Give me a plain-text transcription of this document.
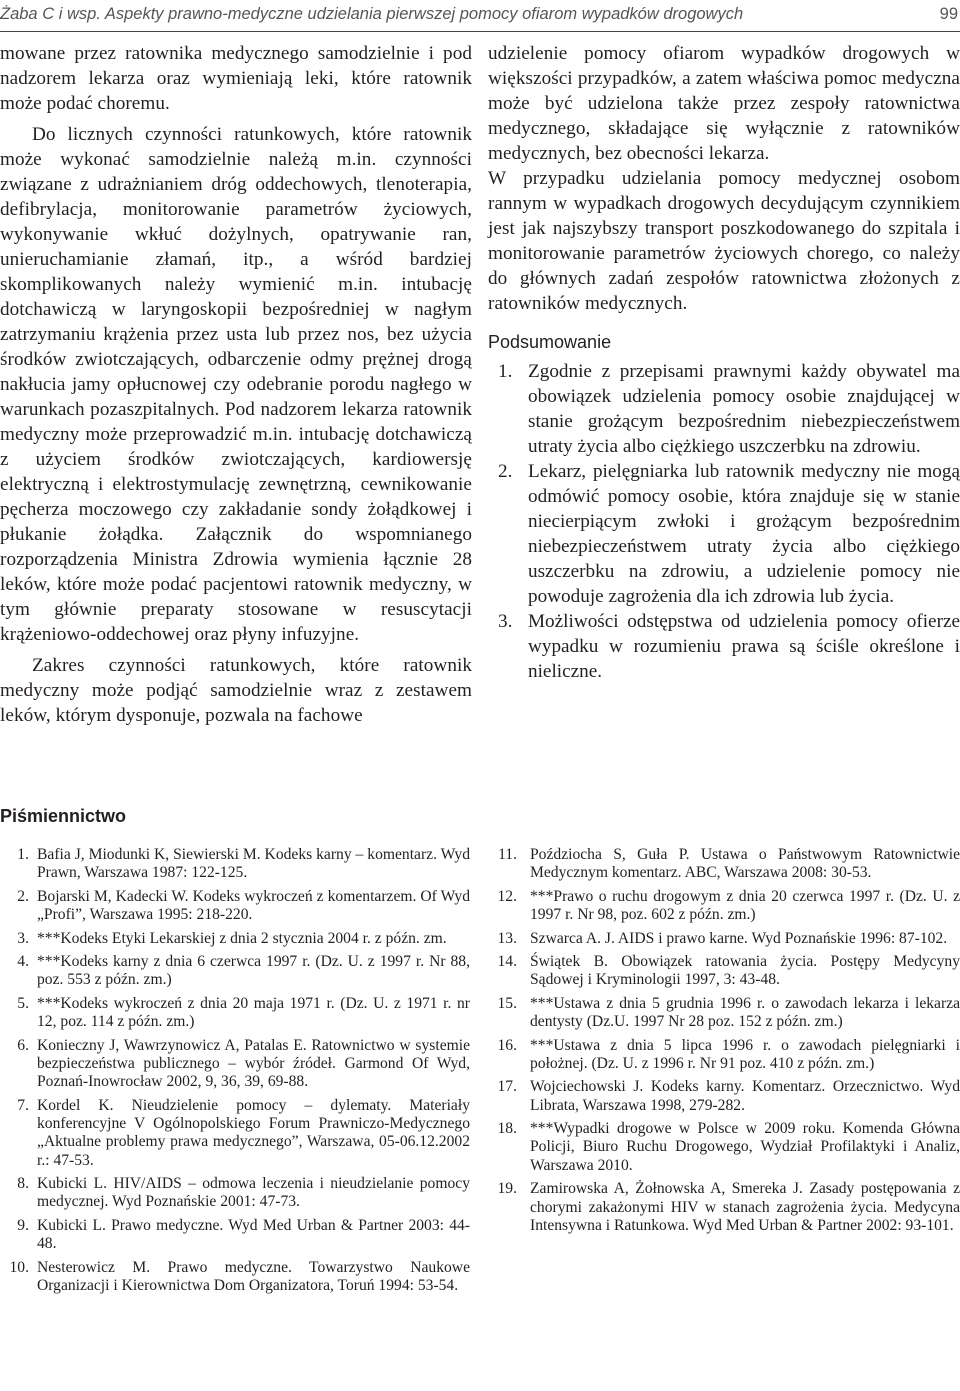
Żaba C i wsp. Aspekty prawno-medyczne udzielania pierwszej pomocy ofiarom wypadków drogowych	99

mowane przez ratownika medycznego samodzielnie i pod nadzorem lekarza oraz wymieniają leki, które ratownik może podać choremu.

Do licznych czynności ratunkowych, które ratownik może wykonać samodzielnie należą m.in. czynności związane z udrażnianiem dróg oddechowych, tlenoterapia, defibrylacja, monitorowanie parametrów życiowych, wykonywanie wkłuć dożylnych, opatrywanie ran, unieruchamianie złamań, itp., a wśród bardziej skomplikowanych należy wymienić m.in. intubację dotchawiczą w laryngoskopii bezpośredniej w nagłym zatrzymaniu krążenia przez usta lub przez nos, bez użycia środków zwiotczających, odbarczenie odmy prężnej drogą nakłucia jamy opłucnowej czy odebranie porodu nagłego w warunkach pozaszpitalnych. Pod nadzorem lekarza ratownik medyczny może przeprowadzić m.in. intubację dotchawiczą z użyciem środków zwiotczających, kardiowersję elektryczną i elektrostymulację zewnętrzną, cewnikowanie pęcherza moczowego czy zakładanie sondy żołądkowej i płukanie żołądka. Załącznik do wspomnianego rozporządzenia Ministra Zdrowia wymienia łącznie 28 leków, które może podać pacjentowi ratownik medyczny, w tym głównie preparaty stosowane w resuscytacji krążeniowo-oddechowej oraz płyny infuzyjne.

Zakres czynności ratunkowych, które ratownik medyczny może podjąć samodzielnie wraz z zestawem leków, którym dysponuje, pozwala na fachowe

udzielenie pomocy ofiarom wypadków drogowych w większości przypadków, a zatem właściwa pomoc medyczna może być udzielona także przez zespoły ratownictwa medycznego, składające się wyłącznie z ratowników medycznych, bez obecności lekarza.

W przypadku udzielania pomocy medycznej osobom rannym w wypadkach drogowych decydującym czynnikiem jest jak najszybszy transport poszkodowanego do szpitala i monitorowanie parametrów życiowych chorego, co należy do głównych zadań zespołów ratownictwa złożonych z ratowników medycznych.

Podsumowanie
1. Zgodnie z przepisami prawnymi każdy obywatel ma obowiązek udzielenia pomocy osobie znajdującej w stanie grożącym bezpośrednim niebezpieczeństwem utraty życia albo ciężkiego uszczerbku na zdrowiu.
2. Lekarz, pielęgniarka lub ratownik medyczny nie mogą odmówić pomocy osobie, która znajduje się w stanie niecierpiącym zwłoki i grożącym bezpośrednim niebezpieczeństwem utraty życia albo ciężkiego uszczerbku na zdrowiu, a udzielenie pomocy nie powoduje zagrożenia dla ich zdrowia lub życia.
3. Możliwości odstępstwa od udzielenia pomocy ofierze wypadku w rozumieniu prawa są ściśle określone i nieliczne.
Piśmiennictwo
1. Bafia J, Miodunki K, Siewierski M. Kodeks karny – komentarz. Wyd Prawn, Warszawa 1987: 122-125.
2. Bojarski M, Kadecki W. Kodeks wykroczeń z komentarzem. Of Wyd „Profi”, Warszawa 1995: 218-220.
3. ***Kodeks Etyki Lekarskiej z dnia 2 stycznia 2004 r. z późn. zm.
4. ***Kodeks karny z dnia 6 czerwca 1997 r. (Dz. U. z 1997 r. Nr 88, poz. 553 z późn. zm.)
5. ***Kodeks wykroczeń z dnia 20 maja 1971 r. (Dz. U. z 1971 r. nr 12, poz. 114 z późn. zm.)
6. Konieczny J, Wawrzynowicz A, Patalas E. Ratownictwo w systemie bezpieczeństwa publicznego – wybór źródeł. Garmond Of Wyd, Poznań-Inowrocław 2002, 9, 36, 39, 69-88.
7. Kordel K. Nieudzielenie pomocy – dylematy. Materiały konferencyjne V Ogólnopolskiego Forum Prawniczo-Medycznego „Aktualne problemy prawa medycznego”, Warszawa, 05-06.12.2002 r.: 47-53.
8. Kubicki L. HIV/AIDS – odmowa leczenia i nieudzielanie pomocy medycznej. Wyd Poznańskie 2001: 47-73.
9. Kubicki L. Prawo medyczne. Wyd Med Urban & Partner 2003: 44-48.
10. Nesterowicz M. Prawo medyczne. Towarzystwo Naukowe Organizacji i Kierownictwa Dom Organizatora, Toruń 1994: 53-54.
11. Poździocha S, Guła P. Ustawa o Państwowym Ratownictwie Medycznym komentarz. ABC, Warszawa 2008: 30-53.
12. ***Prawo o ruchu drogowym z dnia 20 czerwca 1997 r. (Dz. U. z 1997 r. Nr 98, poz. 602 z późn. zm.)
13. Szwarca A. J. AIDS i prawo karne. Wyd Poznańskie 1996: 87-102.
14. Świątek B. Obowiązek ratowania życia. Postępy Medycyny Sądowej i Kryminologii 1997, 3: 43-48.
15. ***Ustawa z dnia 5 grudnia 1996 r. o zawodach lekarza i lekarza dentysty (Dz.U. 1997 Nr 28 poz. 152 z późn. zm.)
16. ***Ustawa z dnia 5 lipca 1996 r. o zawodach pielęgniarki i położnej. (Dz. U. z 1996 r. Nr 91 poz. 410 z późn. zm.)
17. Wojciechowski J. Kodeks karny. Komentarz. Orzecznictwo. Wyd Librata, Warszawa 1998, 279-282.
18. ***Wypadki drogowe w Polsce w 2009 roku. Komenda Główna Policji, Biuro Ruchu Drogowego, Wydział Profilaktyki i Analiz, Warszawa 2010.
19. Zamirowska A, Żołnowska A, Smereka J. Zasady postępowania z chorymi zakażonymi HIV w stanach zagrożenia życia. Medycyna Intensywna i Ratunkowa. Wyd Med Urban & Partner 2002: 93-101.
